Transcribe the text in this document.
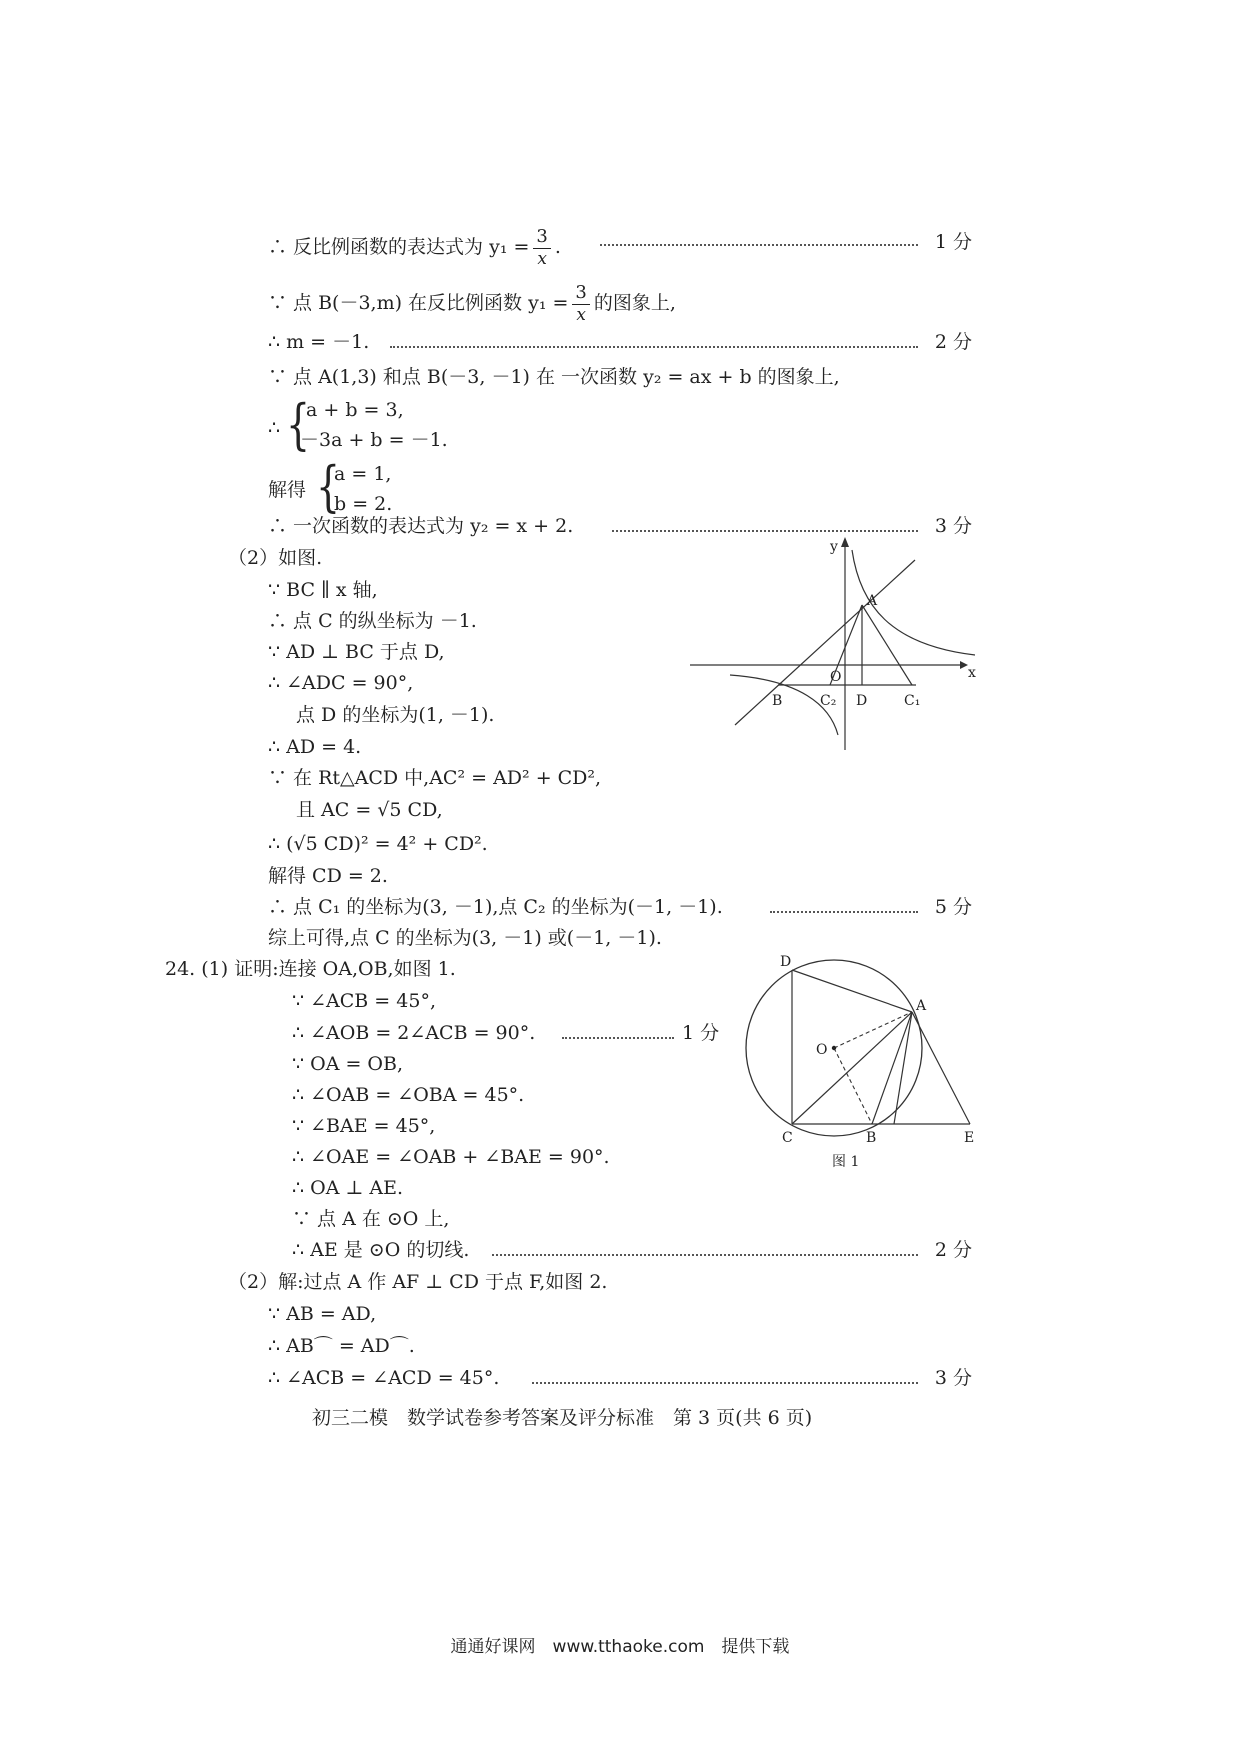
∴ 反比例函数的表达式为 $y_1 = \frac{3}{x}$ .	1 分
∵ 点 B(－3,m) 在反比例函数 $y_1 = \frac{3}{x}$ 的图象上,
∴ m = －1.	2 分
∵ 点 A(1,3) 和点 B(－3, －1) 在 一次函数 y₂ = ax + b 的图象上,
∴ {
a + b = 3,
－3a + b = －1.
解得 {
a = 1,
b = 2.
∴ 一次函数的表达式为 y₂ = x + 2.	3 分
（2）如图.
∵ BC ∥ x 轴,
∴ 点 C 的纵坐标为 －1.
∵ AD ⊥ BC 于点 D,
∴ ∠ADC = 90°,
点 D 的坐标为(1, －1).
∴ AD = 4.
∵ 在 Rt△ACD 中,AC² = AD² + CD²,
且 AC = √5 CD,
∴ (√5 CD)² = 4² + CD².
解得 CD = 2.
∴ 点 C₁ 的坐标为(3, －1),点 C₂ 的坐标为(－1, －1).	5 分
综上可得,点 C 的坐标为(3, －1) 或(－1, －1).
y
x
A
O
B	C₂ D	C₁
24. (1) 证明:连接 OA,OB,如图 1.
∵ ∠ACB = 45°,
∴ ∠AOB = 2∠ACB = 90°.	1 分
∵ OA = OB,
∴ ∠OAB = ∠OBA = 45°.
∵ ∠BAE = 45°,
∴ ∠OAE = ∠OAB + ∠BAE = 90°.
∴ OA ⊥ AE.
∵ 点 A 在 ⊙O 上,
∴ AE 是 ⊙O 的切线.	2 分
D
A
O
C	B	E
图 1
（2）解:过点 A 作 AF ⊥ CD 于点 F,如图 2.
∵ AB = AD,
∴ AB⌒ = AD⌒.
∴ ∠ACB = ∠ACD = 45°.	3 分
初三二模　数学试卷参考答案及评分标准　第 3 页(共 6 页)
通通好课网　www.tthaoke.com　提供下载
